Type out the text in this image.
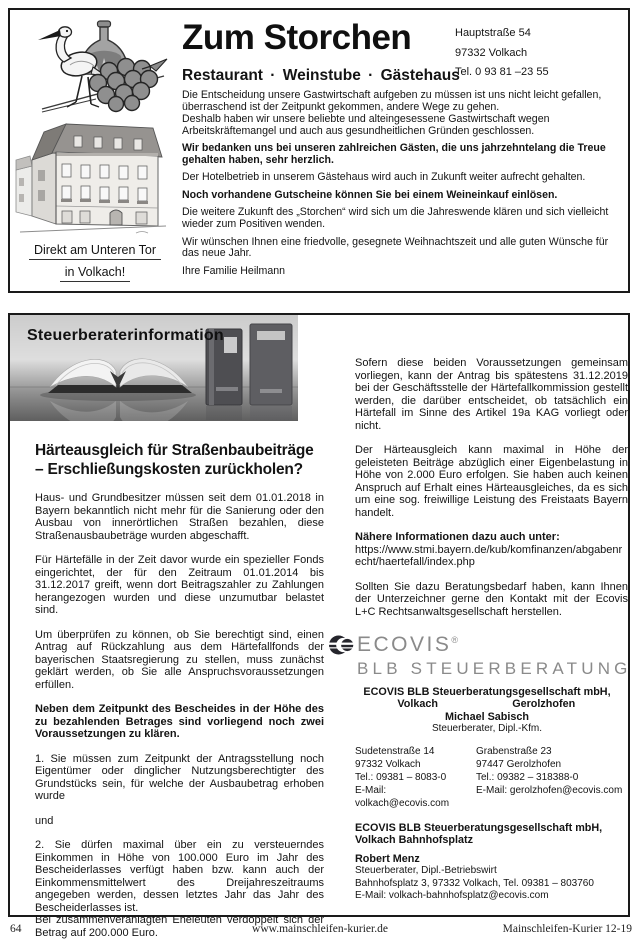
Direkt am Unteren Tor
in Volkach!
Zum Storchen
Restaurant · Weinstube · Gästehaus
Hauptstraße 54
97332 Volkach
Tel. 0 93 81 –23 55

Die Entscheidung unsere Gastwirtschaft aufgeben zu müssen ist uns nicht leicht gefallen, überraschend ist der Zeitpunkt gekommen, andere Wege zu gehen.

Deshalb haben wir unsere beliebte und alteingesessene Gastwirtschaft wegen Arbeitskräftemangel und auch aus gesundheitlichen Gründen geschlossen.

Wir bedanken uns bei unseren zahlreichen Gästen, die uns jahrzehntelang die Treue gehalten haben, sehr herzlich.

Der Hotelbetrieb in unserem Gästehaus wird auch in Zukunft weiter aufrecht gehalten.

Noch vorhandene Gutscheine können Sie bei einem Weineinkauf einlösen.

Die weitere Zukunft des „Storchen“ wird sich um die Jahreswende klären und sich vielleicht wieder zum Positiven wenden.

Wir wünschen Ihnen eine friedvolle, gesegnete Weihnachtszeit und alle guten Wünsche für das neue Jahr.

Ihre Familie Heilmann

Steuerberaterinformation
Härteausgleich für Straßenbaubeiträge
– Erschließungskosten zurückholen?

Haus- und Grundbesitzer müssen seit dem 01.01.2018 in Bayern bekanntlich nicht mehr für die Sanierung oder den Ausbau von innerörtlichen Straßen bezahlen, diese Straßenausbaubeträge wurden abgeschafft.

Für Härtefälle in der Zeit davor wurde ein spezieller Fonds eingerichtet, der für den Zeitraum 01.01.2014 bis 31.12.2017 greift, wenn dort Beitragszahler zu Zahlungen herangezogen wurden und diese unzumutbar belastet sind.

Um überprüfen zu können, ob Sie berechtigt sind, einen Antrag auf Rückzahlung aus dem Härtefallfonds der bayerischen Staatsregierung zu stellen, muss zunächst geklärt werden, ob Sie alle Anspruchsvoraussetzungen erfüllen.

Neben dem Zeitpunkt des Bescheides in der Höhe des zu bezahlenden Betrages sind vorliegend noch zwei Voraussetzungen zu klären.

1. Sie müssen zum Zeitpunkt der Antragsstellung noch Eigentümer oder dinglicher Nutzungsberechtigter des Grundstücks sein, für welche der Ausbaubetrag erhoben wurde

und

2. Sie dürfen maximal über ein zu versteuerndes Einkommen in Höhe von 100.000 Euro im Jahr des Bescheiderlasses verfügt haben bzw. kann auch der Einkommensmittelwert des Dreijahreszeitraums angegeben werden, dessen letztes Jahr das Jahr des Bescheiderlasses ist.

Bei zusammenveranlagten Eheleuten verdoppelt sich der Betrag auf 200.000 Euro.

Sofern diese beiden Voraussetzungen gemeinsam vorliegen, kann der Antrag bis spätestens 31.12.2019 bei der Geschäftsstelle der Härtefallkommission gestellt werden, die darüber entscheidet, ob tatsächlich ein Härtefall im Sinne des Artikel 19a KAG vorliegt oder nicht.

Der Härteausgleich kann maximal in Höhe der geleisteten Beiträge abzüglich einer Eigenbelastung in Höhe von 2.000 Euro erfolgen. Sie haben auch keinen Anspruch auf Erhalt eines Härteausgleiches, da es sich um eine sog. freiwillige Leistung des Freistaats Bayern handelt.

Nähere Informationen dazu auch unter:

https://www.stmi.bayern.de/kub/komfinanzen/abgabenrecht/haertefall/index.php

Sollten Sie dazu Beratungsbedarf haben, kann Ihnen der Unterzeichner gerne den Kontakt mit der Ecovis L+C Rechtsanwaltsgesellschaft herstellen.

ECOVIS®
BLB STEUERBERATUNG
ECOVIS BLB Steuerberatungsgesellschaft mbH,
Volkach	Gerolzhofen
Michael Sabisch
Steuerberater, Dipl.-Kfm.
Sudetenstraße 14
97332 Volkach
Tel.: 09381 – 8083-0
E-Mail: volkach@ecovis.com
Grabenstraße 23
97447 Gerolzhofen
Tel.: 09382 – 318388-0
E-Mail: gerolzhofen@ecovis.com
ECOVIS BLB Steuerberatungsgesellschaft mbH,
Volkach Bahnhofsplatz
Robert Menz
Steuerberater, Dipl.-Betriebswirt
Bahnhofsplatz 3, 97332 Volkach, Tel. 09381 – 803760
E-Mail: volkach-bahnhofsplatz@ecovis.com
www.mainschleifen-kurier.de
64	Mainschleifen-Kurier 12-19
